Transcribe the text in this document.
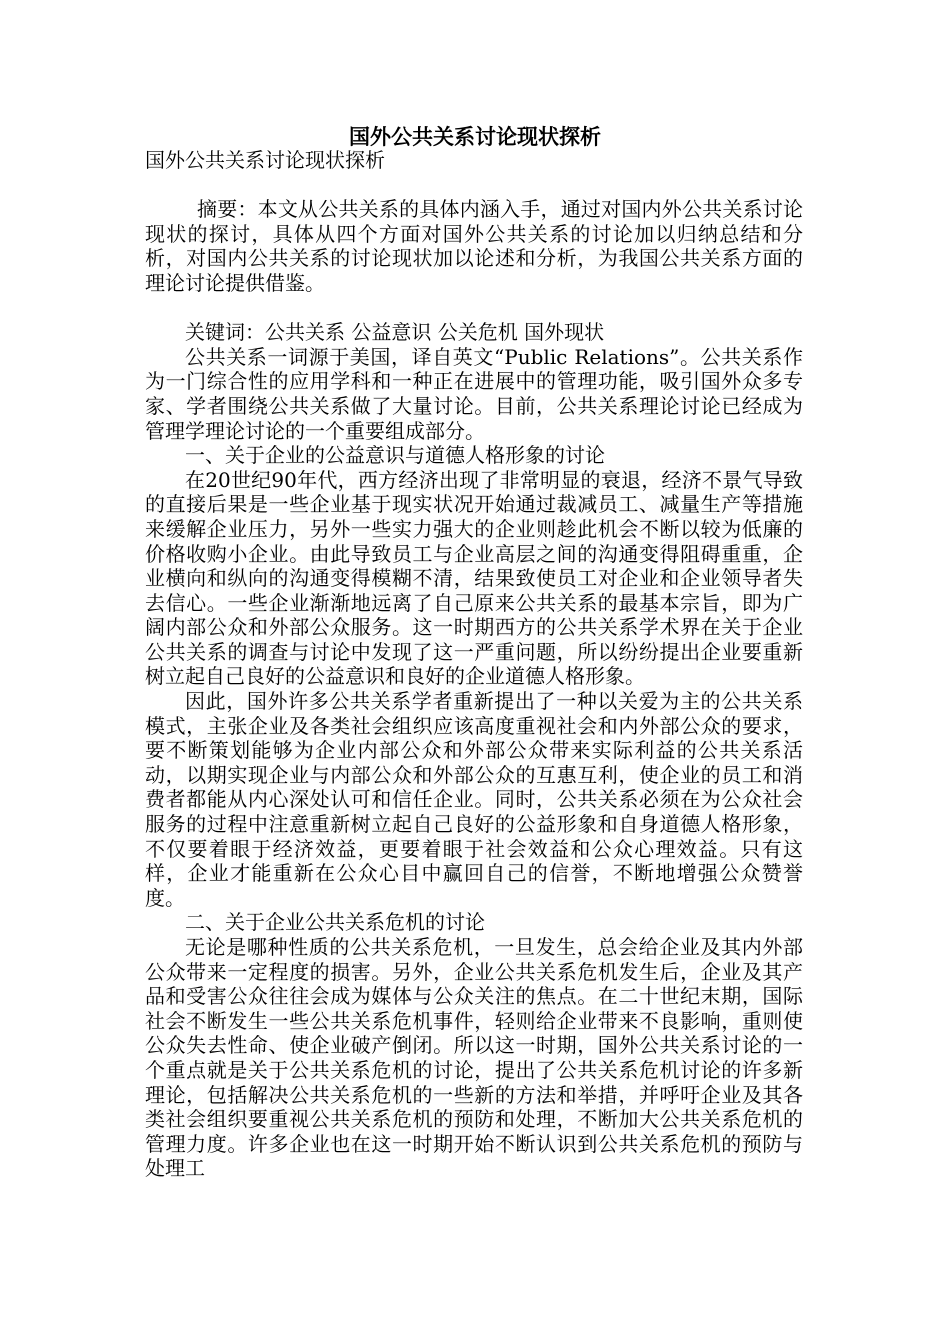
国外公共关系讨论现状探析

国外公共关系讨论现状探析

摘要：本文从公共关系的具体内涵入手，通过对国内外公共关系讨论现状的探讨，具体从四个方面对国外公共关系的讨论加以归纳总结和分析，对国内公共关系的讨论现状加以论述和分析，为我国公共关系方面的理论讨论提供借鉴。

关键词：公共关系 公益意识 公关危机 国外现状

公共关系一词源于美国，译自英文“Public Relations”。公共关系作为一门综合性的应用学科和一种正在进展中的管理功能，吸引国外众多专家、学者围绕公共关系做了大量讨论。目前，公共关系理论讨论已经成为管理学理论讨论的一个重要组成部分。

一、关于企业的公益意识与道德人格形象的讨论

在20世纪90年代，西方经济出现了非常明显的衰退，经济不景气导致的直接后果是一些企业基于现实状况开始通过裁减员工、减量生产等措施来缓解企业压力，另外一些实力强大的企业则趁此机会不断以较为低廉的价格收购小企业。由此导致员工与企业高层之间的沟通变得阻碍重重，企业横向和纵向的沟通变得模糊不清，结果致使员工对企业和企业领导者失去信心。一些企业渐渐地远离了自己原来公共关系的最基本宗旨，即为广阔内部公众和外部公众服务。这一时期西方的公共关系学术界在关于企业公共关系的调查与讨论中发现了这一严重问题，所以纷纷提出企业要重新树立起自己良好的公益意识和良好的企业道德人格形象。

因此，国外许多公共关系学者重新提出了一种以关爱为主的公共关系模式，主张企业及各类社会组织应该高度重视社会和内外部公众的要求，要不断策划能够为企业内部公众和外部公众带来实际利益的公共关系活动，以期实现企业与内部公众和外部公众的互惠互利，使企业的员工和消费者都能从内心深处认可和信任企业。同时，公共关系必须在为公众社会服务的过程中注意重新树立起自己良好的公益形象和自身道德人格形象，不仅要着眼于经济效益，更要着眼于社会效益和公众心理效益。只有这样，企业才能重新在公众心目中赢回自己的信誉，不断地增强公众赞誉度。

二、关于企业公共关系危机的讨论

无论是哪种性质的公共关系危机，一旦发生，总会给企业及其内外部公众带来一定程度的损害。另外，企业公共关系危机发生后，企业及其产品和受害公众往往会成为媒体与公众关注的焦点。在二十世纪末期，国际社会不断发生一些公共关系危机事件，轻则给企业带来不良影响，重则使公众失去性命、使企业破产倒闭。所以这一时期，国外公共关系讨论的一个重点就是关于公共关系危机的讨论，提出了公共关系危机讨论的许多新理论，包括解决公共关系危机的一些新的方法和举措，并呼吁企业及其各类社会组织要重视公共关系危机的预防和处理，不断加大公共关系危机的管理力度。许多企业也在这一时期开始不断认识到公共关系危机的预防与处理工
